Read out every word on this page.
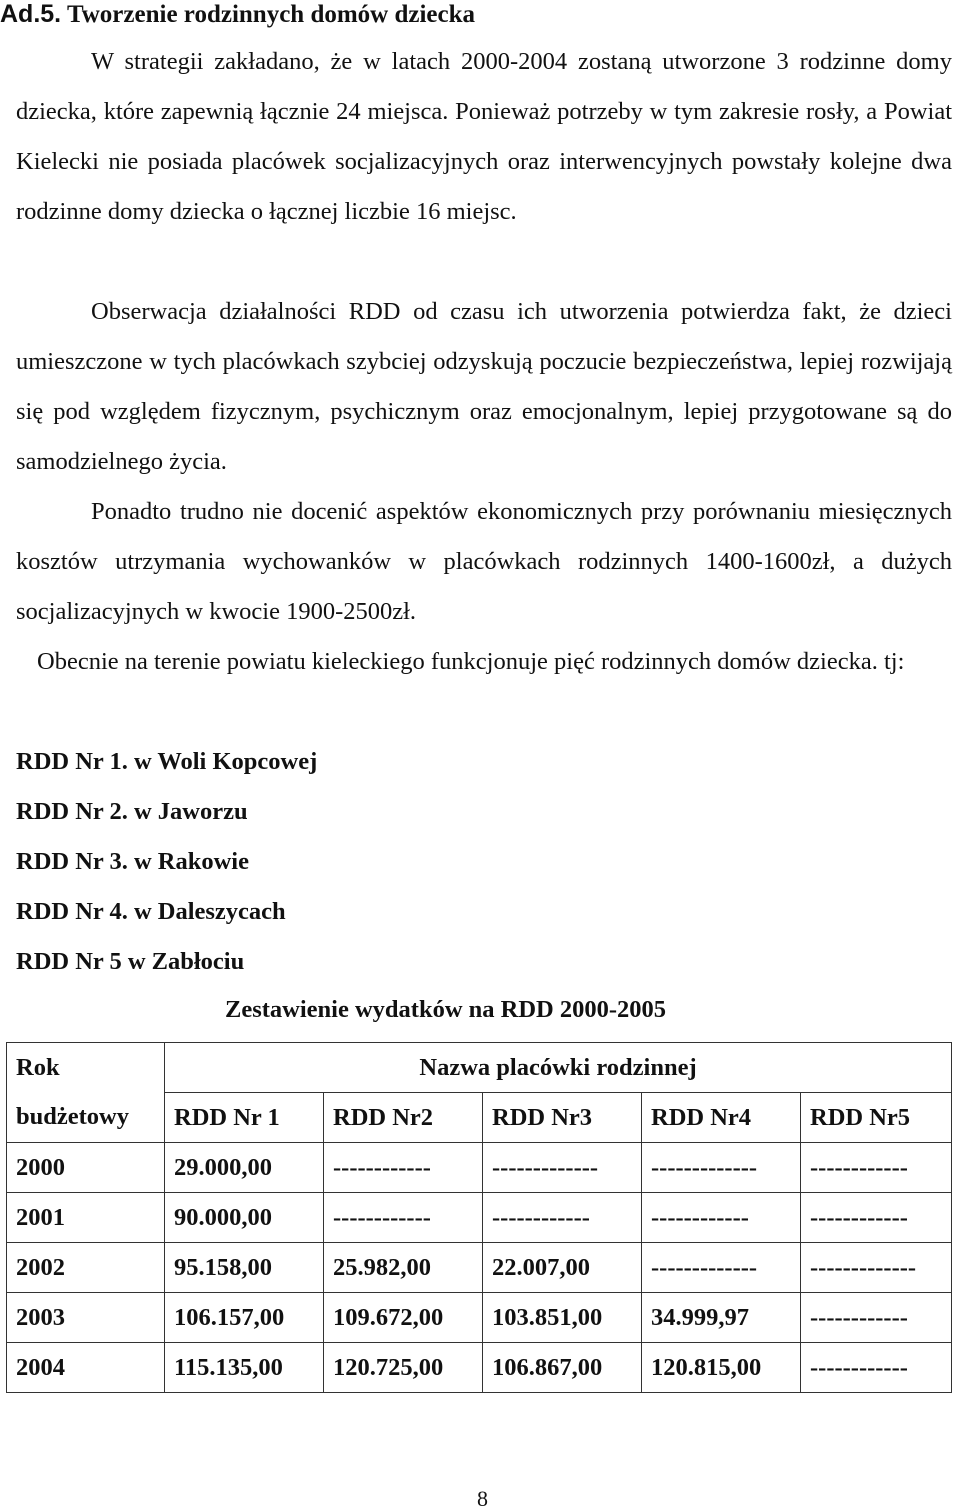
Ad.5. Tworzenie rodzinnych domów dziecka

W strategii zakładano, że w latach 2000-2004 zostaną utworzone 3 rodzinne domy dziecka, które zapewnią łącznie 24 miejsca. Ponieważ potrzeby w tym zakresie rosły, a Powiat Kielecki nie posiada placówek socjalizacyjnych oraz interwencyjnych powstały kolejne dwa rodzinne domy dziecka o łącznej liczbie 16 miejsc.

Obserwacja działalności RDD od czasu ich utworzenia potwierdza fakt, że dzieci umieszczone w tych placówkach szybciej odzyskują poczucie bezpieczeństwa, lepiej rozwijają się pod względem fizycznym, psychicznym oraz emocjonalnym, lepiej przygotowane są do samodzielnego życia.

Ponadto trudno nie docenić aspektów ekonomicznych przy porównaniu miesięcznych kosztów utrzymania wychowanków w placówkach rodzinnych 1400-1600zł, a dużych socjalizacyjnych w kwocie 1900-2500zł.

Obecnie na terenie powiatu kieleckiego funkcjonuje pięć rodzinnych domów dziecka. tj:

RDD Nr 1. w Woli Kopcowej
RDD Nr 2. w Jaworzu
RDD Nr 3. w Rakowie
RDD Nr 4. w Daleszycach
RDD Nr 5 w Zabłociu
Zestawienie wydatków na RDD 2000-2005
Rok	Nazwa placówki rodzinnej				
budżetowy	RDD Nr 1	RDD Nr2	RDD Nr3	RDD Nr4	RDD Nr5
2000	29.000,00	------------	-------------	-------------	------------
2001	90.000,00	------------	------------	------------	------------
2002	95.158,00	25.982,00	22.007,00	-------------	-------------
2003	106.157,00	109.672,00	103.851,00	34.999,97	------------
2004	115.135,00	120.725,00	106.867,00	120.815,00	------------
8
